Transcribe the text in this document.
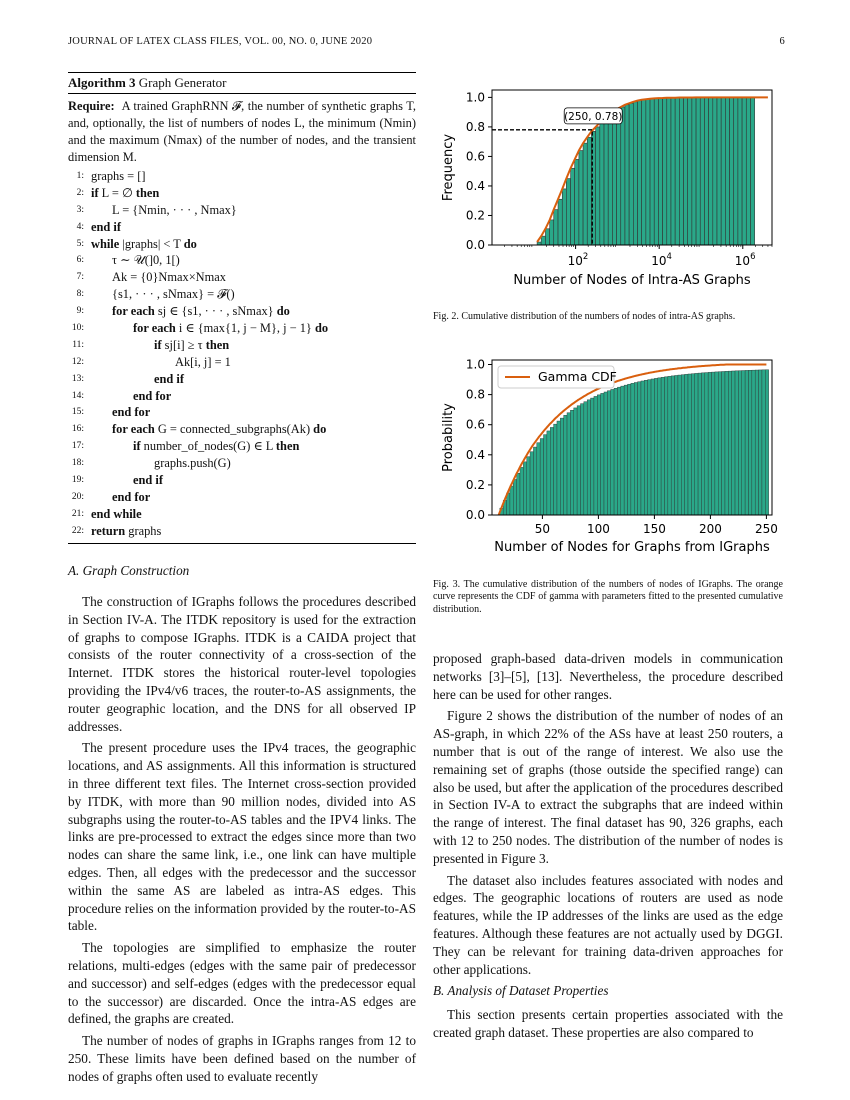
JOURNAL OF LATEX CLASS FILES, VOL. 00, NO. 0, JUNE 2020	6
Algorithm 3 Graph Generator
Require: A trained GraphRNN 𝓕, the number of synthetic graphs T, and, optionally, the list of numbers of nodes L, the minimum (Nmin) and the maximum (Nmax) of the number of nodes, and the transient dimension M.
1: graphs = []
2: if L = ∅ then
3: L = {Nmin, · · · , Nmax}
4: end if
5: while |graphs| < T do
6: τ ∼ 𝒰(]0, 1[)
7: Ak = {0}Nmax×Nmax
8: {s1, · · · , sNmax} = 𝓕()
9: for each sj ∈ {s1, · · · , sNmax} do
10:	for each i ∈ {max{1, j − M}, j − 1} do
11:	if sj[i] ≥ τ then
12:	Ak[i, j] = 1
13:	end if
14:	end for
15: end for
16: for each G = connected_subgraphs(Ak) do
17:	if number_of_nodes(G) ∈ L then
18:	graphs.push(G)
19:	end if
20: end for
21: end while
22: return graphs
A. Graph Construction

The construction of IGraphs follows the procedures described in Section IV-A. The ITDK repository is used for the extraction of graphs to compose IGraphs. ITDK is a CAIDA project that consists of the router connectivity of a cross-section of the Internet. ITDK stores the historical router-level topologies providing the IPv4/v6 traces, the router-to-AS assignments, the router geographic location, and the DNS for all observed IP addresses.

The present procedure uses the IPv4 traces, the geographic locations, and AS assignments. All this information is structured in three different text files. The Internet cross-section provided by ITDK, with more than 90 million nodes, divided into AS subgraphs using the router-to-AS tables and the IPV4 links. The links are pre-processed to extract the edges since more than two nodes can share the same link, i.e., one link can have multiple edges. Then, all edges with the predecessor and the successor within the same AS are labeled as intra-AS edges. This procedure relies on the information provided by the router-to-AS table.

The topologies are simplified to emphasize the router relations, multi-edges (edges with the same pair of predecessor and successor) and self-edges (edges with the predecessor equal to the successor) are discarded. Once the intra-AS edges are defined, the graphs are created.

The number of nodes of graphs in IGraphs ranges from 12 to 250. These limits have been defined based on the number of nodes of graphs often used to evaluate recently

(250, 0.78)
0.0
0.2
0.4
0.6
0.8
1.0
$10^2$	$10^4$	$10^6$
Number of Nodes of Intra-AS Graphs
Frequency
Fig. 2. Cumulative distribution of the numbers of nodes of intra-AS graphs.
Gamma CDF
0.0
0.2
0.4
0.6
0.8
1.0
50	100	150	200	250
Number of Nodes for Graphs from IGraphs
Probability
Fig. 3. The cumulative distribution of the numbers of nodes of IGraphs. The orange curve represents the CDF of gamma with parameters fitted to the presented cumulative distribution.

proposed graph-based data-driven models in communication networks [3]–[5], [13]. Nevertheless, the procedure described here can be used for other ranges.

Figure 2 shows the distribution of the number of nodes of an AS-graph, in which 22% of the ASs have at least 250 routers, a number that is out of the range of interest. We also use the remaining set of graphs (those outside the specified range) can also be used, but after the application of the procedures described in Section IV-A to extract the subgraphs that are indeed within the range of interest. The final dataset has 90, 326 graphs, each with 12 to 250 nodes. The distribution of the number of nodes is presented in Figure 3.

The dataset also includes features associated with nodes and edges. The geographic locations of routers are used as node features, while the IP addresses of the links are used as the edge features. Although these features are not actually used by DGGI. They can be relevant for training data-driven approaches for other applications.

B. Analysis of Dataset Properties

This section presents certain properties associated with the created graph dataset. These properties are also compared to
